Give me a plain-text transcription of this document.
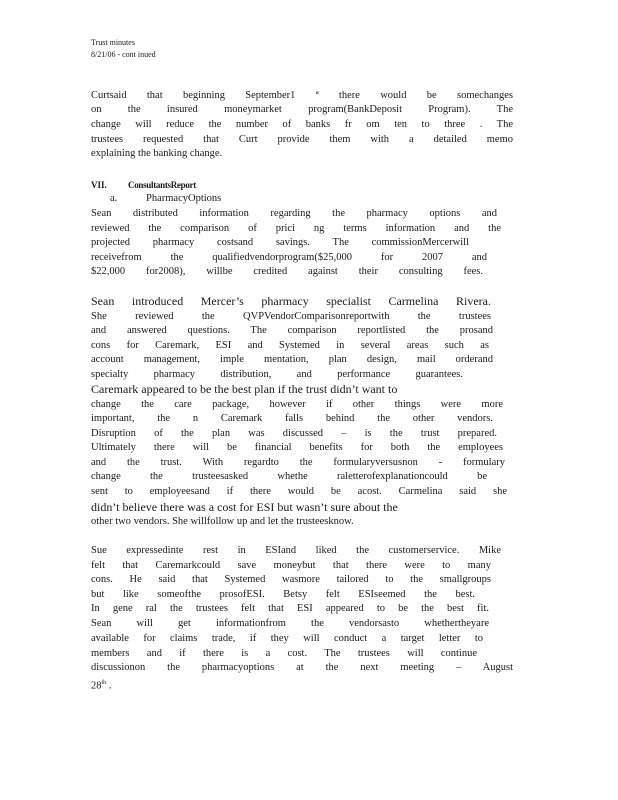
Trust minutes
8/21/06 - cont inued
Curtsaid that beginning September1 ª there would be somechanges
on the insured moneymarket program(BankDeposit Program). The
change will reduce the number of banks fr om ten to three . The
trustees requested that Curt provide them with a detailed memo
explaining the banking change.
VII. ConsultantsReport
a.	PharmacyOptions
Sean distributed information regarding the pharmacy options and
reviewed the comparison of prici ng terms information and the
projected pharmacy costsand savings. The commissionMercerwill
receivefrom the qualifiedvendorprogram($25,000 for 2007 and
$22,000 for2008), willbe credited against their consulting fees.
Sean introduced Mercer’s pharmacy specialist Carmelina Rivera.
She reviewed the QVPVendorComparisonreportwith the trustees
and answered questions. The comparison reportlisted the prosand
cons for Caremark, ESI and Systemed in several areas such as
account management, imple mentation, plan design, mail orderand
specialty pharmacy distribution, and performance guarantees.
Caremark appeared to be the best plan if the trust didn’t want to
change the care package, however if other things were more
important, the n Caremark falls behind the other vendors.
Disruption of the plan was discussed – is the trust prepared.
Ultimately there will be financial benefits for both the employees
and the trust. With regardto the formularyversusnon - formulary
change the trusteesasked whethe raletterofexplanationcould be
sent to employeesand if there would be acost. Carmelina said she
didn’t believe there was a cost for ESI but wasn’t sure about the
other two vendors. She willfollow up and let the trusteesknow.
Sue expressedinte rest in ESIand liked the customerservice. Mike
felt that Caremarkcould save moneybut that there were to many
cons. He said that Systemed wasmore tailored to the smallgroups
but like someofthe prosofESI. Betsy felt ESIseemed the best.
In gene ral the trustees felt that ESI appeared to be the best fit.
Sean will get informationfrom the vendorsasto whethertheyare
available for claims trade, if they will conduct a target letter to
members and if there is a cost. The trustees will continue
discussionon the pharmacyoptions at the next meeting – August
28th .
